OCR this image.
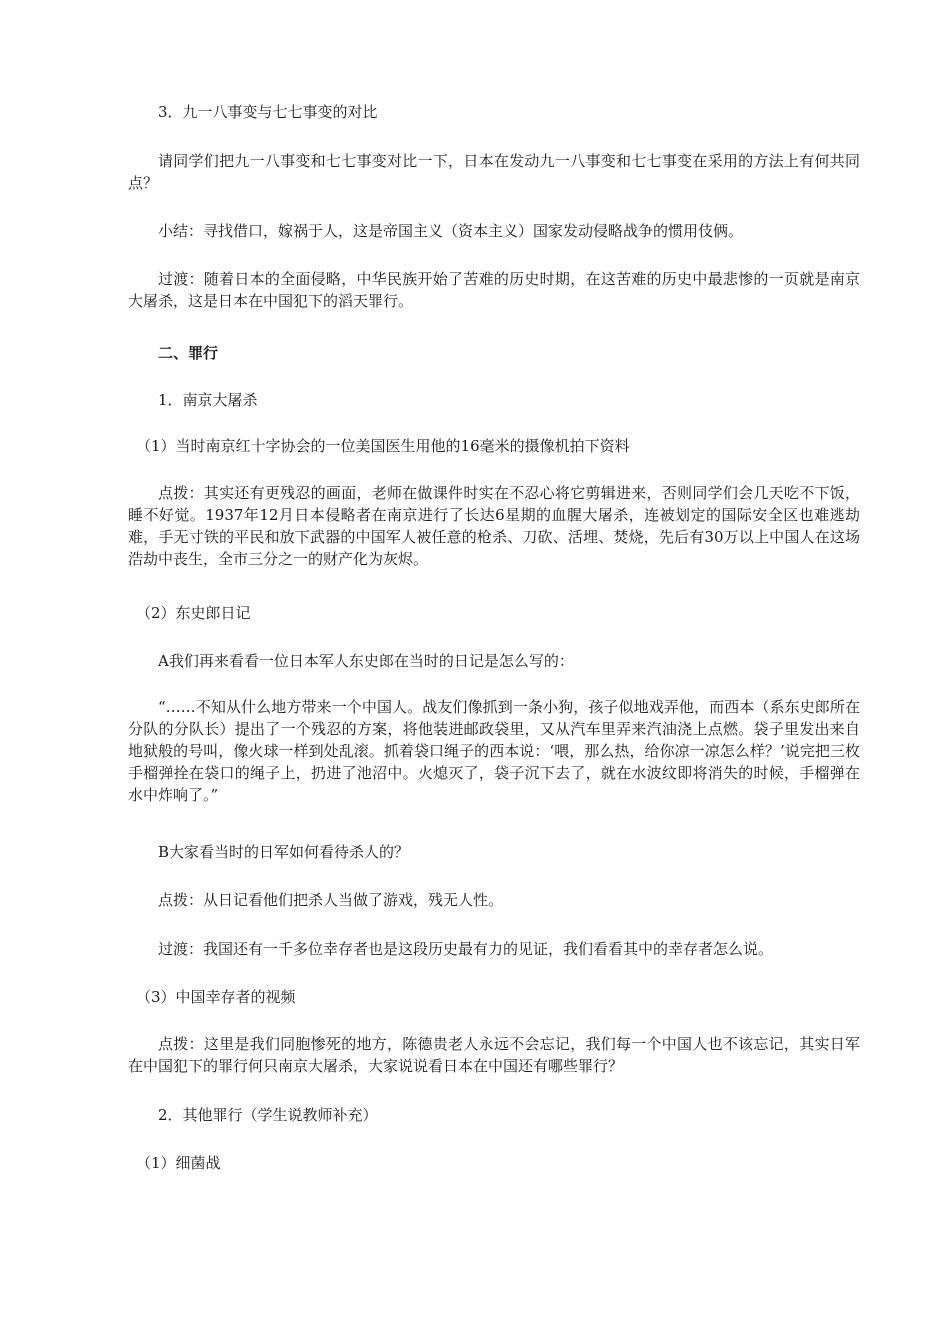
3．九一八事变与七七事变的对比

请同学们把九一八事变和七七事变对比一下，日本在发动九一八事变和七七事变在采用的方法上有何共同点？

小结：寻找借口，嫁祸于人，这是帝国主义（资本主义）国家发动侵略战争的惯用伎俩。

过渡：随着日本的全面侵略，中华民族开始了苦难的历史时期，在这苦难的历史中最悲惨的一页就是南京大屠杀，这是日本在中国犯下的滔天罪行。

二、罪行

1．南京大屠杀

（1）当时南京红十字协会的一位美国医生用他的16毫米的摄像机拍下资料

点拨：其实还有更残忍的画面，老师在做课件时实在不忍心将它剪辑进来，否则同学们会几天吃不下饭，睡不好觉。1937年12月日本侵略者在南京进行了长达6星期的血腥大屠杀，连被划定的国际安全区也难逃劫难，手无寸铁的平民和放下武器的中国军人被任意的枪杀、刀砍、活埋、焚烧，先后有30万以上中国人在这场浩劫中丧生，全市三分之一的财产化为灰烬。

（2）东史郎日记

A我们再来看看一位日本军人东史郎在当时的日记是怎么写的：

“……不知从什么地方带来一个中国人。战友们像抓到一条小狗，孩子似地戏弄他，而西本（系东史郎所在分队的分队长）提出了一个残忍的方案，将他装进邮政袋里，又从汽车里弄来汽油浇上点燃。袋子里发出来自地狱般的号叫，像火球一样到处乱滚。抓着袋口绳子的西本说：‘喂，那么热，给你凉一凉怎么样？’说完把三枚手榴弹拴在袋口的绳子上，扔进了池沼中。火熄灭了，袋子沉下去了，就在水波纹即将消失的时候，手榴弹在水中炸响了。”

B大家看当时的日军如何看待杀人的？

点拨：从日记看他们把杀人当做了游戏，残无人性。

过渡：我国还有一千多位幸存者也是这段历史最有力的见证，我们看看其中的幸存者怎么说。

（3）中国幸存者的视频

点拨：这里是我们同胞惨死的地方，陈德贵老人永远不会忘记，我们每一个中国人也不该忘记，其实日军在中国犯下的罪行何只南京大屠杀，大家说说看日本在中国还有哪些罪行？

2．其他罪行（学生说教师补充）

（1）细菌战
